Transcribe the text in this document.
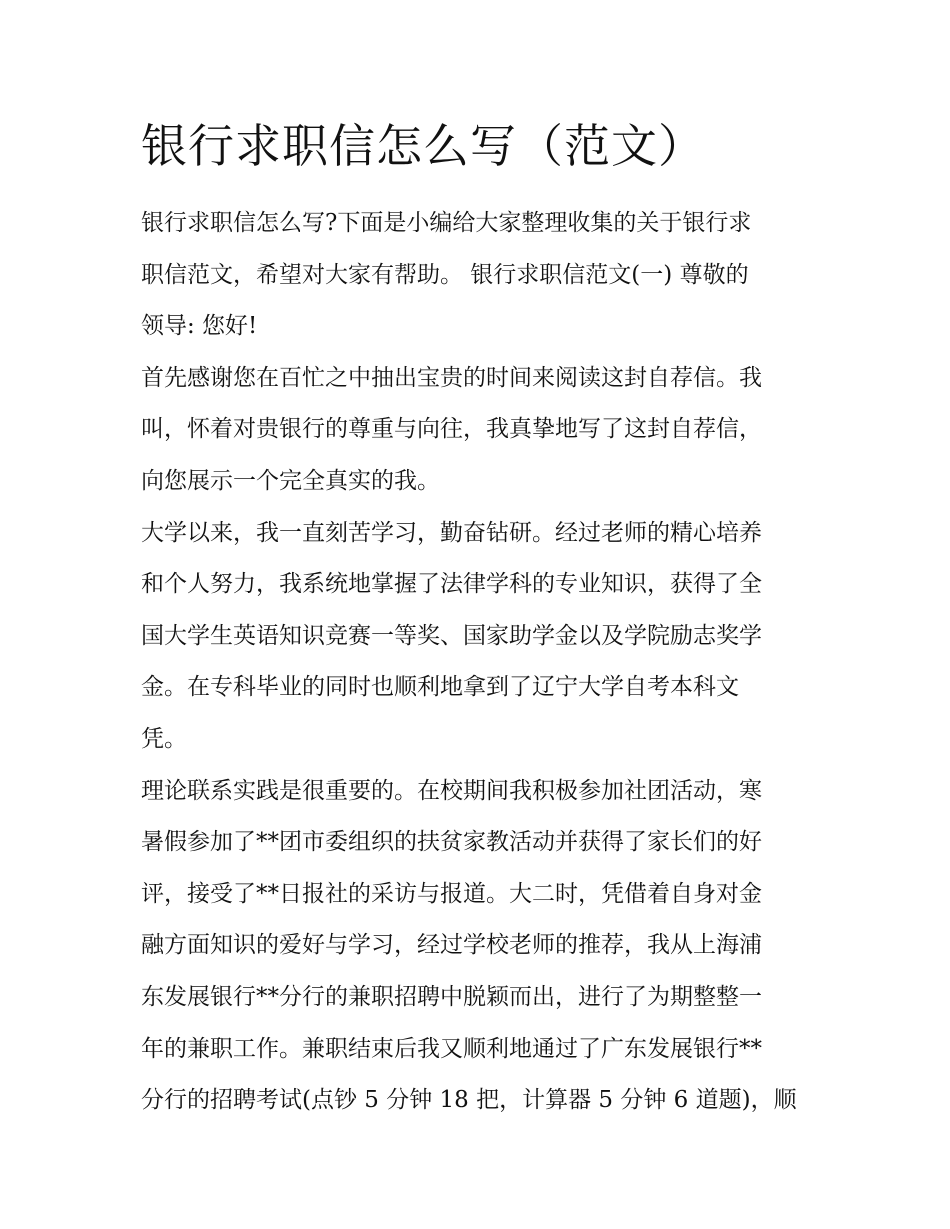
银行求职信怎么写（范文）

银行求职信怎么写?下面是小编给大家整理收集的关于银行求
职信范文，希望对大家有帮助。 银行求职信范文(一) 尊敬的
领导: 您好!

首先感谢您在百忙之中抽出宝贵的时间来阅读这封自荐信。我
叫，怀着对贵银行的尊重与向往，我真挚地写了这封自荐信，
向您展示一个完全真实的我。

大学以来，我一直刻苦学习，勤奋钻研。经过老师的精心培养
和个人努力，我系统地掌握了法律学科的专业知识，获得了全
国大学生英语知识竞赛一等奖、国家助学金以及学院励志奖学
金。在专科毕业的同时也顺利地拿到了辽宁大学自考本科文
凭。

理论联系实践是很重要的。在校期间我积极参加社团活动，寒
暑假参加了**团市委组织的扶贫家教活动并获得了家长们的好
评，接受了**日报社的采访与报道。大二时，凭借着自身对金
融方面知识的爱好与学习，经过学校老师的推荐，我从上海浦
东发展银行**分行的兼职招聘中脱颖而出，进行了为期整整一
年的兼职工作。兼职结束后我又顺利地通过了广东发展银行**
分行的招聘考试(点钞 5 分钟 18 把，计算器 5 分钟 6 道题)，顺
